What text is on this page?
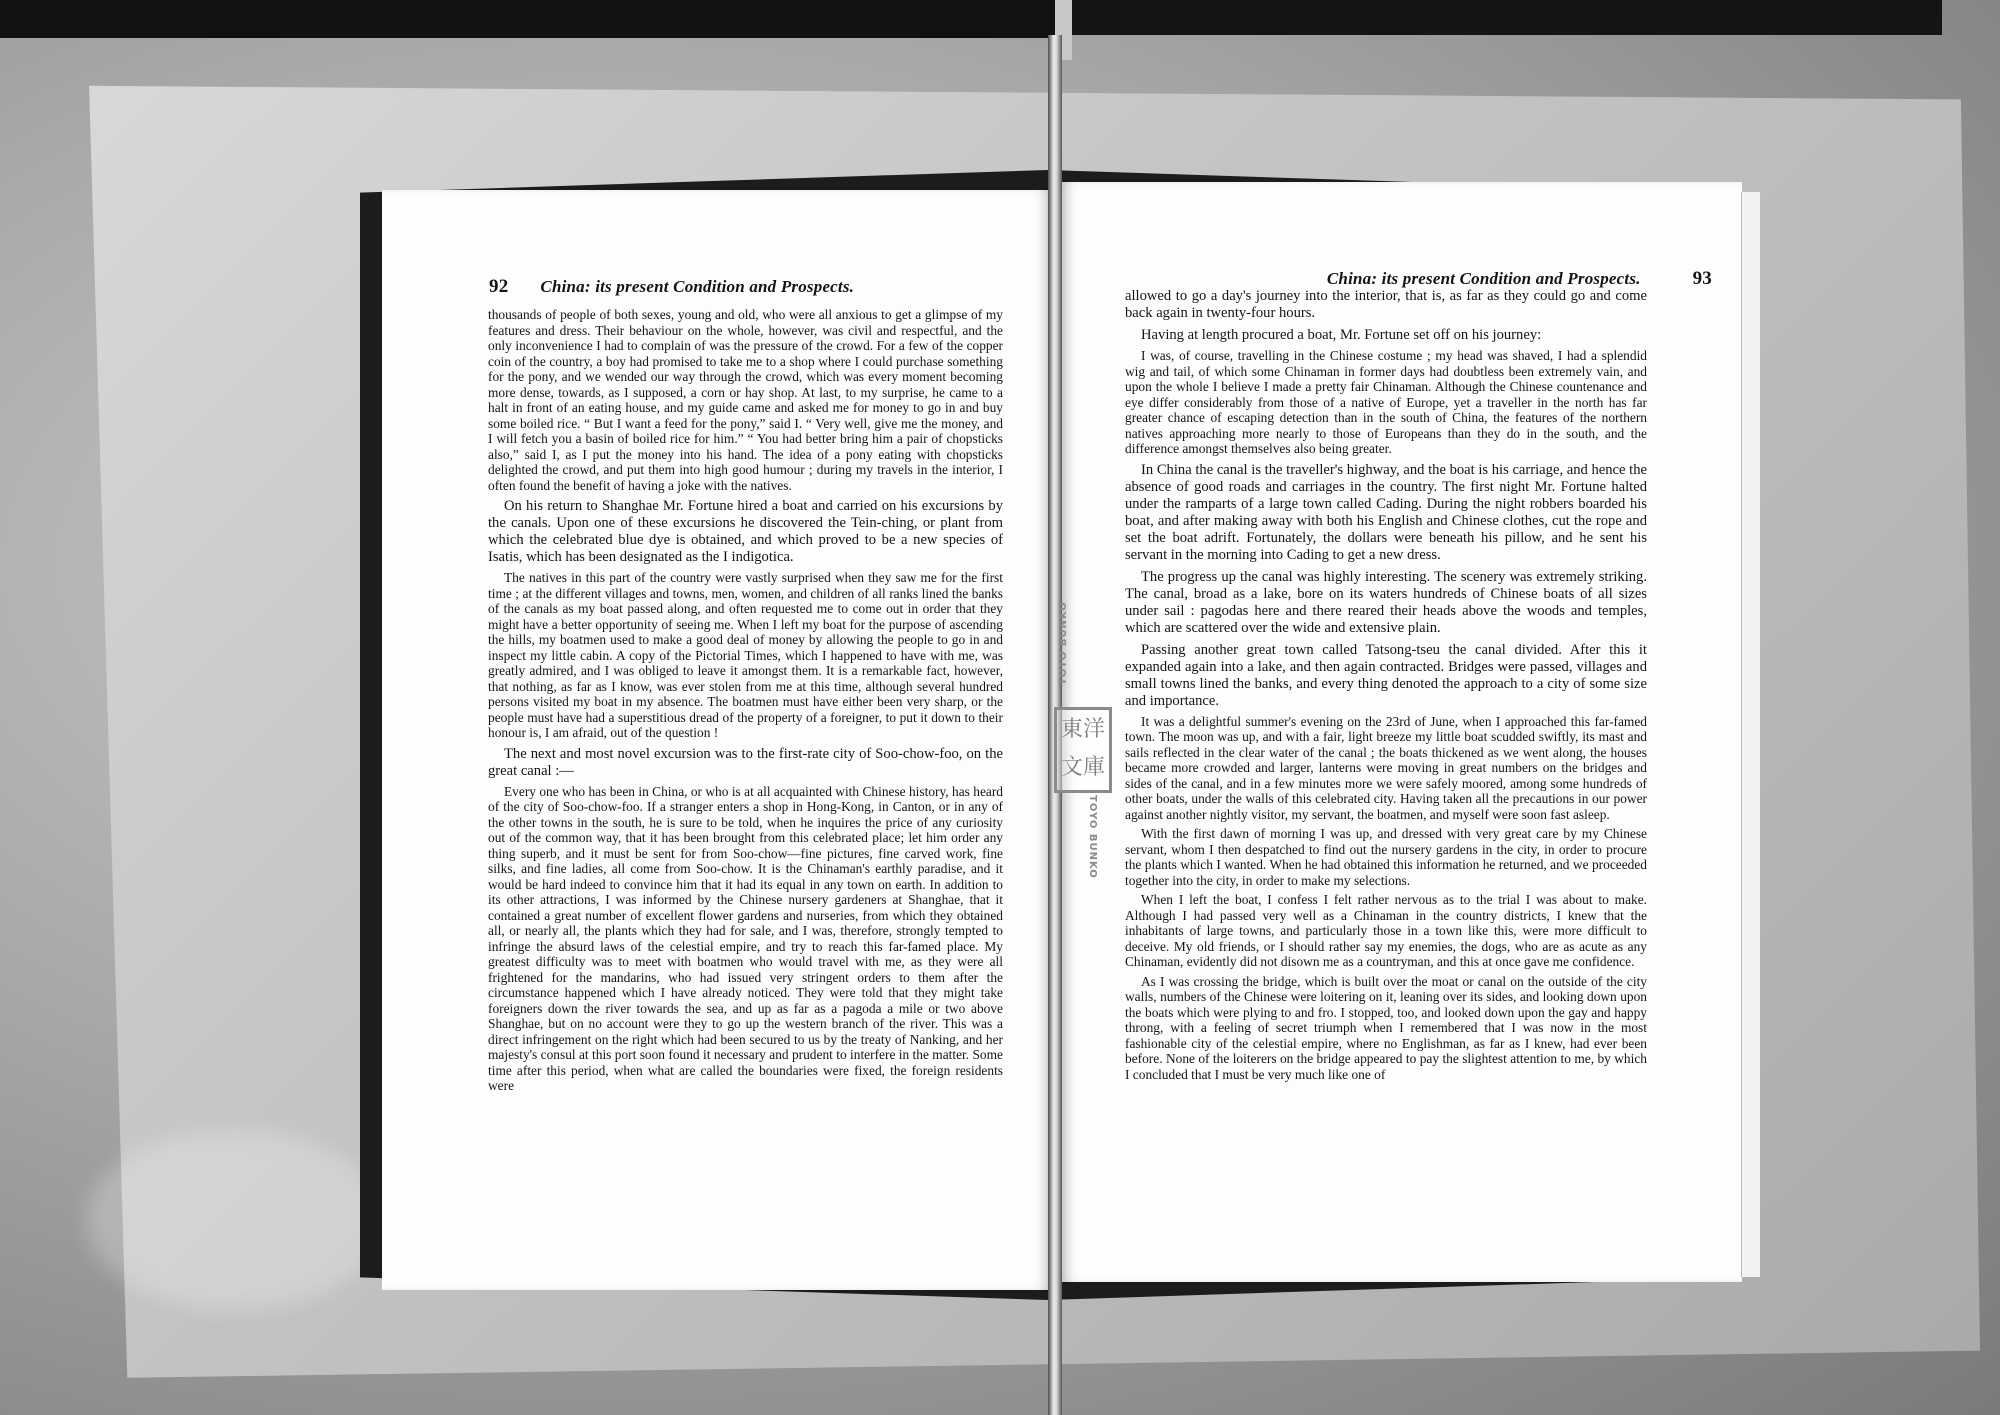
92 China: its present Condition and Prospects.

thousands of people of both sexes, young and old, who were all anxious to get a glimpse of my features and dress. Their behaviour on the whole, however, was civil and respectful, and the only inconvenience I had to complain of was the pressure of the crowd. For a few of the copper coin of the country, a boy had promised to take me to a shop where I could purchase something for the pony, and we wended our way through the crowd, which was every moment becoming more dense, towards, as I supposed, a corn or hay shop. At last, to my surprise, he came to a halt in front of an eating house, and my guide came and asked me for money to go in and buy some boiled rice. “ But I want a feed for the pony,” said I. “ Very well, give me the money, and I will fetch you a basin of boiled rice for him.” “ You had better bring him a pair of chopsticks also,” said I, as I put the money into his hand. The idea of a pony eating with chopsticks delighted the crowd, and put them into high good humour ; during my travels in the interior, I often found the benefit of having a joke with the natives.

On his return to Shanghae Mr. Fortune hired a boat and carried on his excursions by the canals. Upon one of these excursions he discovered the Tein-ching, or plant from which the celebrated blue dye is obtained, and which proved to be a new species of Isatis, which has been designated as the I indigotica.

The natives in this part of the country were vastly surprised when they saw me for the first time ; at the different villages and towns, men, women, and children of all ranks lined the banks of the canals as my boat passed along, and often requested me to come out in order that they might have a better opportunity of seeing me. When I left my boat for the purpose of ascending the hills, my boatmen used to make a good deal of money by allowing the people to go in and inspect my little cabin. A copy of the Pictorial Times, which I happened to have with me, was greatly admired, and I was obliged to leave it amongst them. It is a remarkable fact, however, that nothing, as far as I know, was ever stolen from me at this time, although several hundred persons visited my boat in my absence. The boatmen must have either been very sharp, or the people must have had a superstitious dread of the property of a foreigner, to put it down to their honour is, I am afraid, out of the question !

The next and most novel excursion was to the first-rate city of Soo-chow-foo, on the great canal :—

Every one who has been in China, or who is at all acquainted with Chinese history, has heard of the city of Soo-chow-foo. If a stranger enters a shop in Hong-Kong, in Canton, or in any of the other towns in the south, he is sure to be told, when he inquires the price of any curiosity out of the common way, that it has been brought from this celebrated place; let him order any thing superb, and it must be sent for from Soo-chow—fine pictures, fine carved work, fine silks, and fine ladies, all come from Soo-chow. It is the Chinaman's earthly paradise, and it would be hard indeed to convince him that it had its equal in any town on earth. In addition to its other attractions, I was informed by the Chinese nursery gardeners at Shanghae, that it contained a great number of excellent flower gardens and nurseries, from which they obtained all, or nearly all, the plants which they had for sale, and I was, therefore, strongly tempted to infringe the absurd laws of the celestial empire, and try to reach this far-famed place. My greatest difficulty was to meet with boatmen who would travel with me, as they were all frightened for the mandarins, who had issued very stringent orders to them after the circumstance happened which I have already noticed. They were told that they might take foreigners down the river towards the sea, and up as far as a pagoda a mile or two above Shanghae, but on no account were they to go up the western branch of the river. This was a direct infringement on the right which had been secured to us by the treaty of Nanking, and her majesty's consul at this port soon found it necessary and prudent to interfere in the matter. Some time after this period, when what are called the boundaries were fixed, the foreign residents were

China: its present Condition and Prospects.	93

allowed to go a day's journey into the interior, that is, as far as they could go and come back again in twenty-four hours.

Having at length procured a boat, Mr. Fortune set off on his journey:

I was, of course, travelling in the Chinese costume ; my head was shaved, I had a splendid wig and tail, of which some Chinaman in former days had doubtless been extremely vain, and upon the whole I believe I made a pretty fair Chinaman. Although the Chinese countenance and eye differ considerably from those of a native of Europe, yet a traveller in the north has far greater chance of escaping detection than in the south of China, the features of the northern natives approaching more nearly to those of Europeans than they do in the south, and the difference amongst themselves also being greater.

In China the canal is the traveller's highway, and the boat is his carriage, and hence the absence of good roads and carriages in the country. The first night Mr. Fortune halted under the ramparts of a large town called Cading. During the night robbers boarded his boat, and after making away with both his English and Chinese clothes, cut the rope and set the boat adrift. Fortunately, the dollars were beneath his pillow, and he sent his servant in the morning into Cading to get a new dress.

The progress up the canal was highly interesting. The scenery was extremely striking. The canal, broad as a lake, bore on its waters hundreds of Chinese boats of all sizes under sail : pagodas here and there reared their heads above the woods and temples, which are scattered over the wide and extensive plain.

Passing another great town called Tatsong-tseu the canal divided. After this it expanded again into a lake, and then again contracted. Bridges were passed, villages and small towns lined the banks, and every thing denoted the approach to a city of some size and importance.

It was a delightful summer's evening on the 23rd of June, when I approached this far-famed town. The moon was up, and with a fair, light breeze my little boat scudded swiftly, its mast and sails reflected in the clear water of the canal ; the boats thickened as we went along, the houses became more crowded and larger, lanterns were moving in great numbers on the bridges and sides of the canal, and in a few minutes more we were safely moored, among some hundreds of other boats, under the walls of this celebrated city. Having taken all the precautions in our power against another nightly visitor, my servant, the boatmen, and myself were soon fast asleep.

With the first dawn of morning I was up, and dressed with very great care by my Chinese servant, whom I then despatched to find out the nursery gardens in the city, in order to procure the plants which I wanted. When he had obtained this information he returned, and we proceeded together into the city, in order to make my selections.

When I left the boat, I confess I felt rather nervous as to the trial I was about to make. Although I had passed very well as a Chinaman in the country districts, I knew that the inhabitants of large towns, and particularly those in a town like this, were more difficult to deceive. My old friends, or I should rather say my enemies, the dogs, who are as acute as any Chinaman, evidently did not disown me as a countryman, and this at once gave me confidence.

As I was crossing the bridge, which is built over the moat or canal on the outside of the city walls, numbers of the Chinese were loitering on it, leaning over its sides, and looking down upon the boats which were plying to and fro. I stopped, too, and looked down upon the gay and happy throng, with a feeling of secret triumph when I remembered that I was now in the most fashionable city of the celestial empire, where no Englishman, as far as I knew, had ever been before. None of the loiterers on the bridge appeared to pay the slightest attention to me, by which I concluded that I must be very much like one of

TOYO BUNKO
東 洋
文 庫
TOYO BUNKO
